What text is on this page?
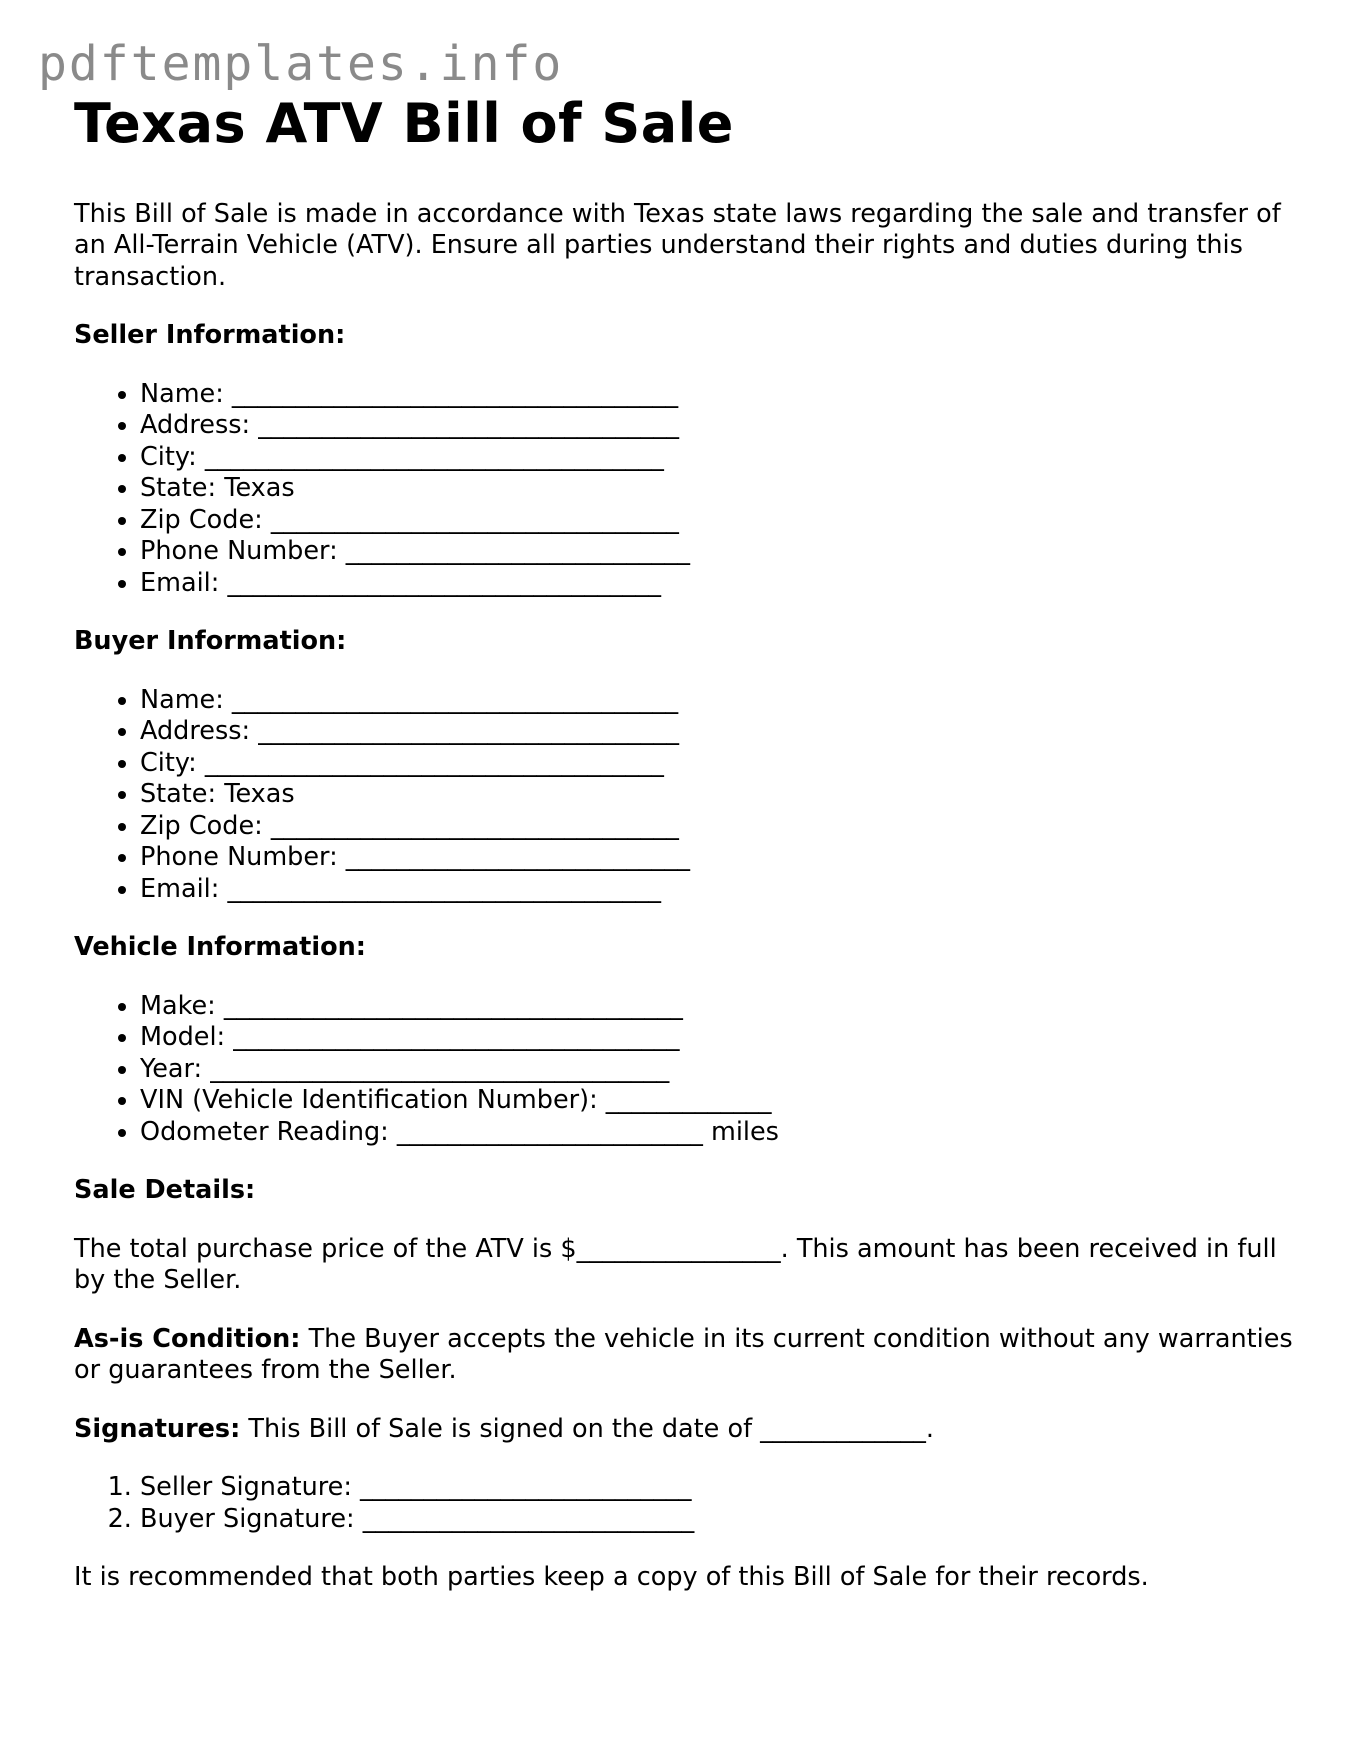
pdftemplates.info
Texas ATV Bill of Sale

This Bill of Sale is made in accordance with Texas state laws regarding the sale and transfer of an All-Terrain Vehicle (ATV). Ensure all parties understand their rights and duties during this transaction.

Seller Information:

• Name: ___________________________________
• Address: _________________________________
• City: ____________________________________
• State: Texas
• Zip Code: ________________________________
• Phone Number: ___________________________
• Email: __________________________________

Buyer Information:

• Name: ___________________________________
• Address: _________________________________
• City: ____________________________________
• State: Texas
• Zip Code: ________________________________
• Phone Number: ___________________________
• Email: __________________________________

Vehicle Information:

• Make: ____________________________________
• Model: ___________________________________
• Year: ____________________________________
• VIN (Vehicle Identification Number): _____________
• Odometer Reading: ________________________ miles

Sale Details:

The total purchase price of the ATV is $________________. This amount has been received in full by the Seller.

As-is Condition: The Buyer accepts the vehicle in its current condition without any warranties or guarantees from the Seller.

Signatures: This Bill of Sale is signed on the date of _____________.

1. Seller Signature: __________________________
2. Buyer Signature: __________________________

It is recommended that both parties keep a copy of this Bill of Sale for their records.
